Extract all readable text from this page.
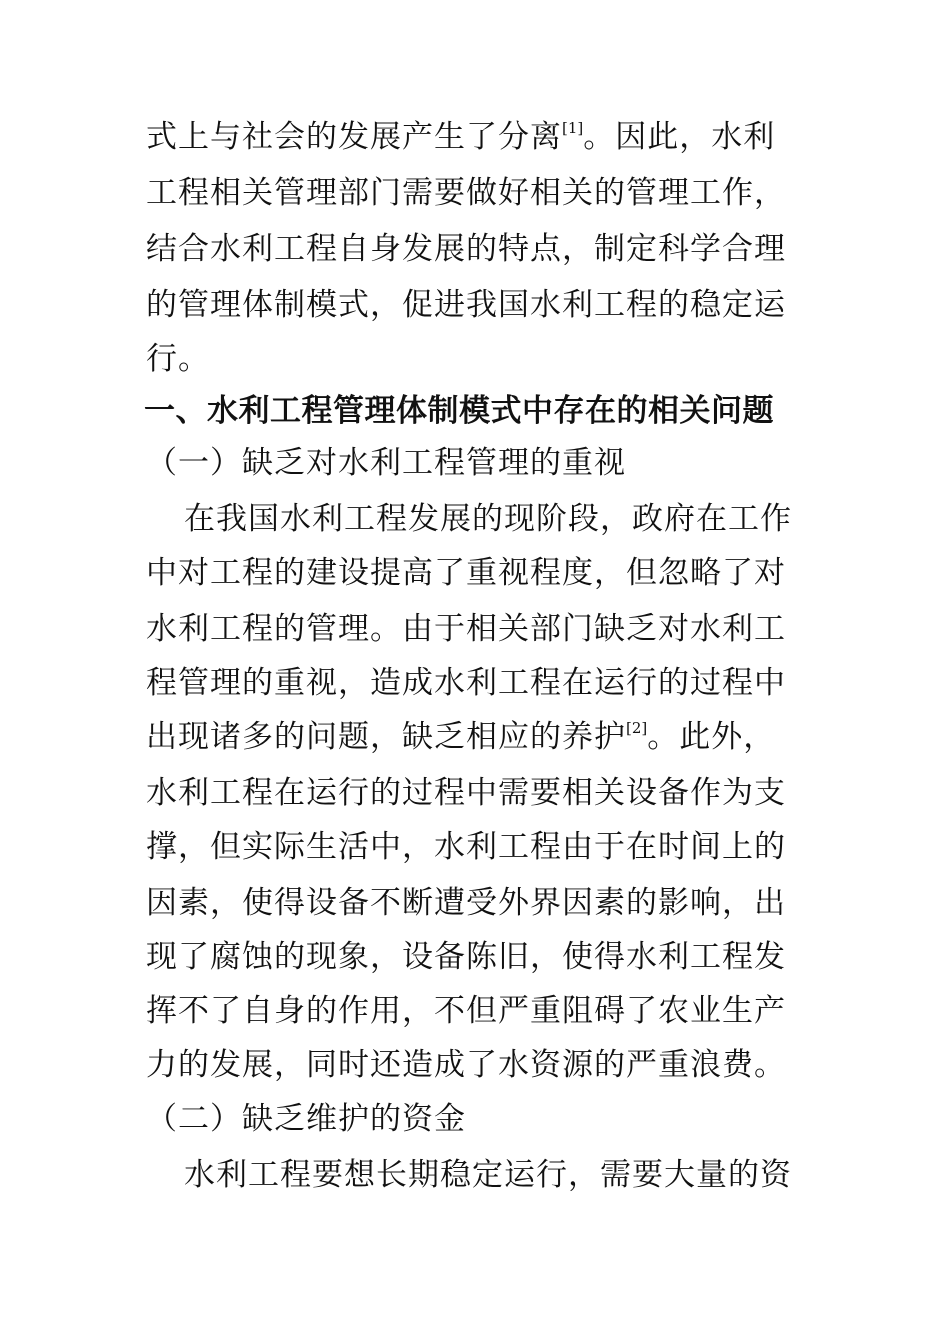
式上与社会的发展产生了分离[1]。因此，水利
工程相关管理部门需要做好相关的管理工作，
结合水利工程自身发展的特点，制定科学合理
的管理体制模式，促进我国水利工程的稳定运
行。
一、水利工程管理体制模式中存在的相关问题
（一）缺乏对水利工程管理的重视
在我国水利工程发展的现阶段，政府在工作
中对工程的建设提高了重视程度，但忽略了对
水利工程的管理。由于相关部门缺乏对水利工
程管理的重视，造成水利工程在运行的过程中
出现诸多的问题，缺乏相应的养护[2]。此外，
水利工程在运行的过程中需要相关设备作为支
撑，但实际生活中，水利工程由于在时间上的
因素，使得设备不断遭受外界因素的影响，出
现了腐蚀的现象，设备陈旧，使得水利工程发
挥不了自身的作用，不但严重阻碍了农业生产
力的发展，同时还造成了水资源的严重浪费。
（二）缺乏维护的资金
水利工程要想长期稳定运行，需要大量的资
